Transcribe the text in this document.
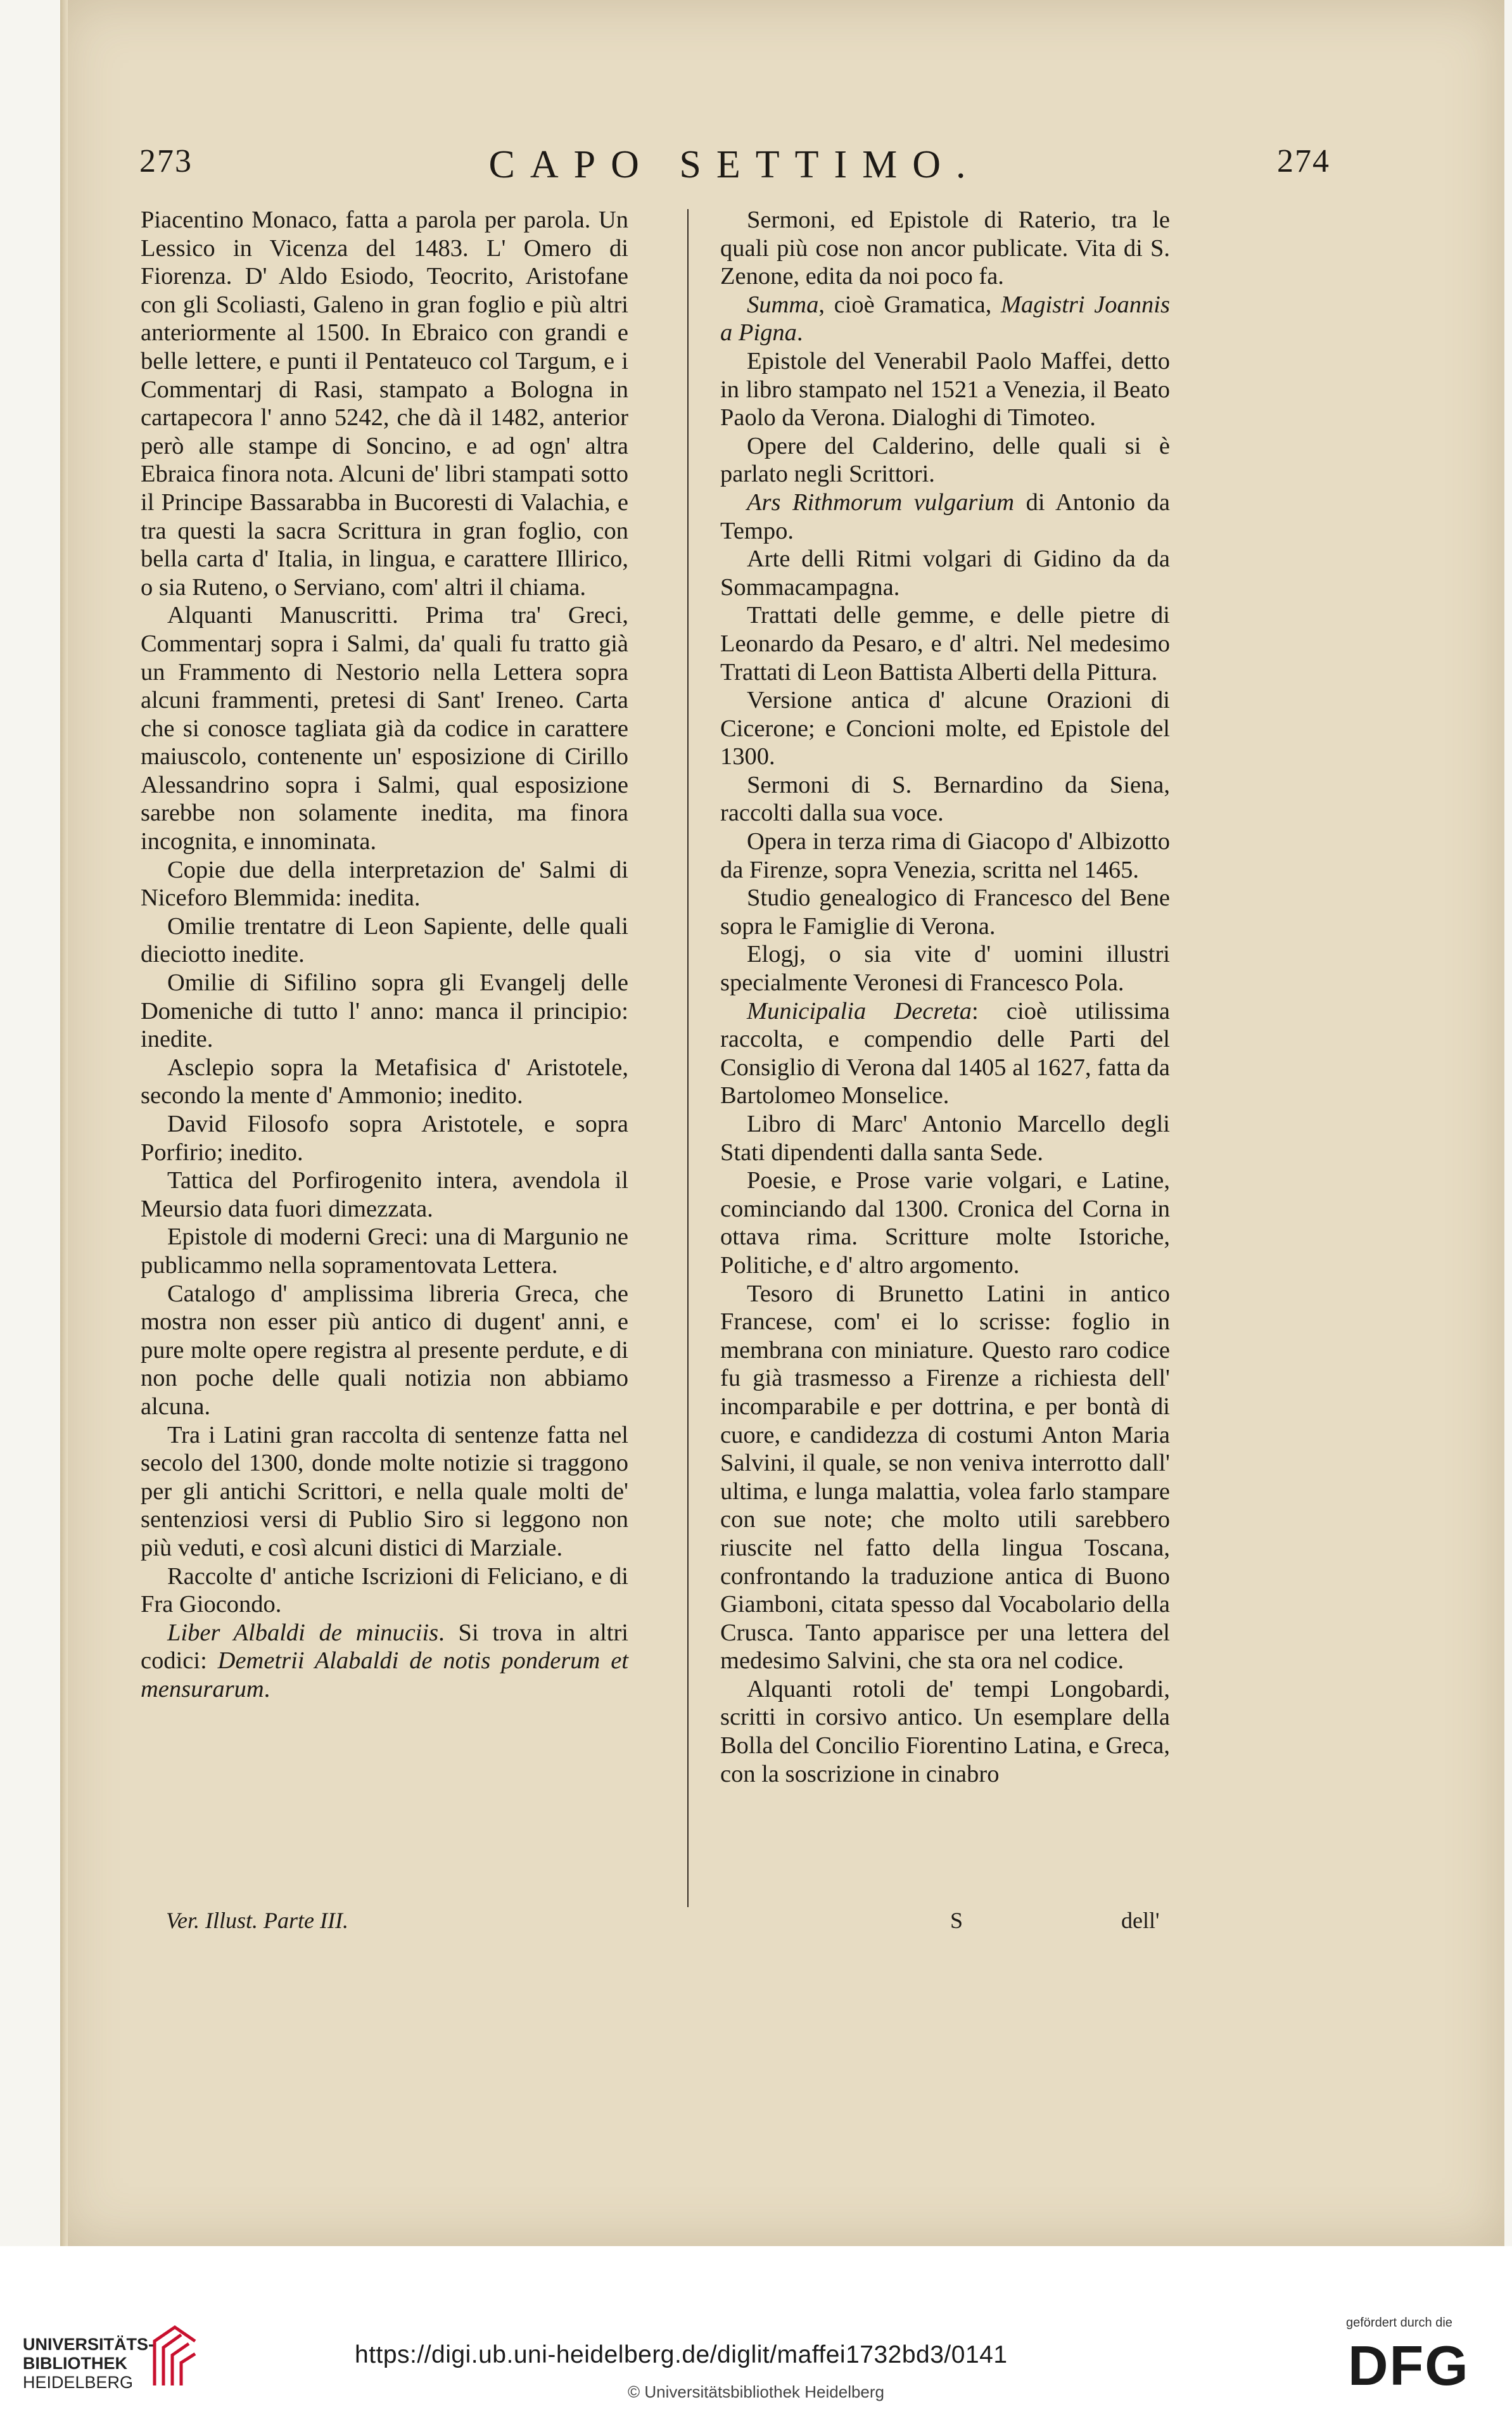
273	CAPO SETTIMO.	274

Piacentino Monaco, fatta a parola per parola. Un Lessico in Vicenza del 1483. L' Omero di Fiorenza. D' Aldo Esiodo, Teocrito, Aristofane con gli Scoliasti, Galeno in gran foglio e più altri anteriormente al 1500. In Ebraico con grandi e belle lettere, e punti il Pentateuco col Targum, e i Commentarj di Rasi, stampato a Bologna in cartapecora l' anno 5242, che dà il 1482, anterior però alle stampe di Soncino, e ad ogn' altra Ebraica finora nota. Alcuni de' libri stampati sotto il Principe Bassarabba in Bucoresti di Valachia, e tra questi la sacra Scrittura in gran foglio, con bella carta d' Italia, in lingua, e carattere Illirico, o sia Ruteno, o Serviano, com' altri il chiama.

Alquanti Manuscritti. Prima tra' Greci, Commentarj sopra i Salmi, da' quali fu tratto già un Frammento di Nestorio nella Lettera sopra alcuni frammenti, pretesi di Sant' Ireneo. Carta che si conosce tagliata già da codice in carattere maiuscolo, contenente un' esposizione di Cirillo Alessandrino sopra i Salmi, qual esposizione sarebbe non solamente inedita, ma finora incognita, e innominata.

Copie due della interpretazion de' Salmi di Niceforo Blemmida: inedita.

Omilie trentatre di Leon Sapiente, delle quali dieciotto inedite.

Omilie di Sifilino sopra gli Evangelj delle Domeniche di tutto l' anno: manca il principio: inedite.

Asclepio sopra la Metafisica d' Aristotele, secondo la mente d' Ammonio; inedito.

David Filosofo sopra Aristotele, e sopra Porfirio; inedito.

Tattica del Porfirogenito intera, avendola il Meursio data fuori dimezzata.

Epistole di moderni Greci: una di Margunio ne publicammo nella sopramentovata Lettera.

Catalogo d' amplissima libreria Greca, che mostra non esser più antico di dugent' anni, e pure molte opere registra al presente perdute, e di non poche delle quali notizia non abbiamo alcuna.

Tra i Latini gran raccolta di sentenze fatta nel secolo del 1300, donde molte notizie si traggono per gli antichi Scrittori, e nella quale molti de' sentenziosi versi di Publio Siro si leggono non più veduti, e così alcuni distici di Marziale.

Raccolte d' antiche Iscrizioni di Feliciano, e di Fra Giocondo.

Liber Albaldi de minuciis. Si trova in altri codici: Demetrii Alabaldi de notis ponderum et mensurarum.

Sermoni, ed Epistole di Raterio, tra le quali più cose non ancor publicate. Vita di S. Zenone, edita da noi poco fa.

Summa, cioè Gramatica, Magistri Joannis a Pigna.

Epistole del Venerabil Paolo Maffei, detto in libro stampato nel 1521 a Venezia, il Beato Paolo da Verona. Dialoghi di Timoteo.

Opere del Calderino, delle quali si è parlato negli Scrittori.

Ars Rithmorum vulgarium di Antonio da Tempo.

Arte delli Ritmi volgari di Gidino da da Sommacampagna.

Trattati delle gemme, e delle pietre di Leonardo da Pesaro, e d' altri. Nel medesimo Trattati di Leon Battista Alberti della Pittura.

Versione antica d' alcune Orazioni di Cicerone; e Concioni molte, ed Epistole del 1300.

Sermoni di S. Bernardino da Siena, raccolti dalla sua voce.

Opera in terza rima di Giacopo d' Albizotto da Firenze, sopra Venezia, scritta nel 1465.

Studio genealogico di Francesco del Bene sopra le Famiglie di Verona.

Elogj, o sia vite d' uomini illustri specialmente Veronesi di Francesco Pola.

Municipalia Decreta: cioè utilissima raccolta, e compendio delle Parti del Consiglio di Verona dal 1405 al 1627, fatta da Bartolomeo Monselice.

Libro di Marc' Antonio Marcello degli Stati dipendenti dalla santa Sede.

Poesie, e Prose varie volgari, e Latine, cominciando dal 1300. Cronica del Corna in ottava rima. Scritture molte Istoriche, Politiche, e d' altro argomento.

Tesoro di Brunetto Latini in antico Francese, com' ei lo scrisse: foglio in membrana con miniature. Questo raro codice fu già trasmesso a Firenze a richiesta dell' incomparabile e per dottrina, e per bontà di cuore, e candidezza di costumi Anton Maria Salvini, il quale, se non veniva interrotto dall' ultima, e lunga malattia, volea farlo stampare con sue note; che molto utili sarebbero riuscite nel fatto della lingua Toscana, confrontando la traduzione antica di Buono Giamboni, citata spesso dal Vocabolario della Crusca. Tanto apparisce per una lettera del medesimo Salvini, che sta ora nel codice.

Alquanti rotoli de' tempi Longobardi, scritti in corsivo antico. Un esemplare della Bolla del Concilio Fiorentino Latina, e Greca, con la soscrizione in cinabro

Ver. Illust. Parte III.	S	dell'
UNIVERSITÄTS-
BIBLIOTHEK
HEIDELBERG
https://digi.ub.uni-heidelberg.de/diglit/maffei1732bd3/0141
gefördert durch die
DFG
© Universitätsbibliothek Heidelberg
